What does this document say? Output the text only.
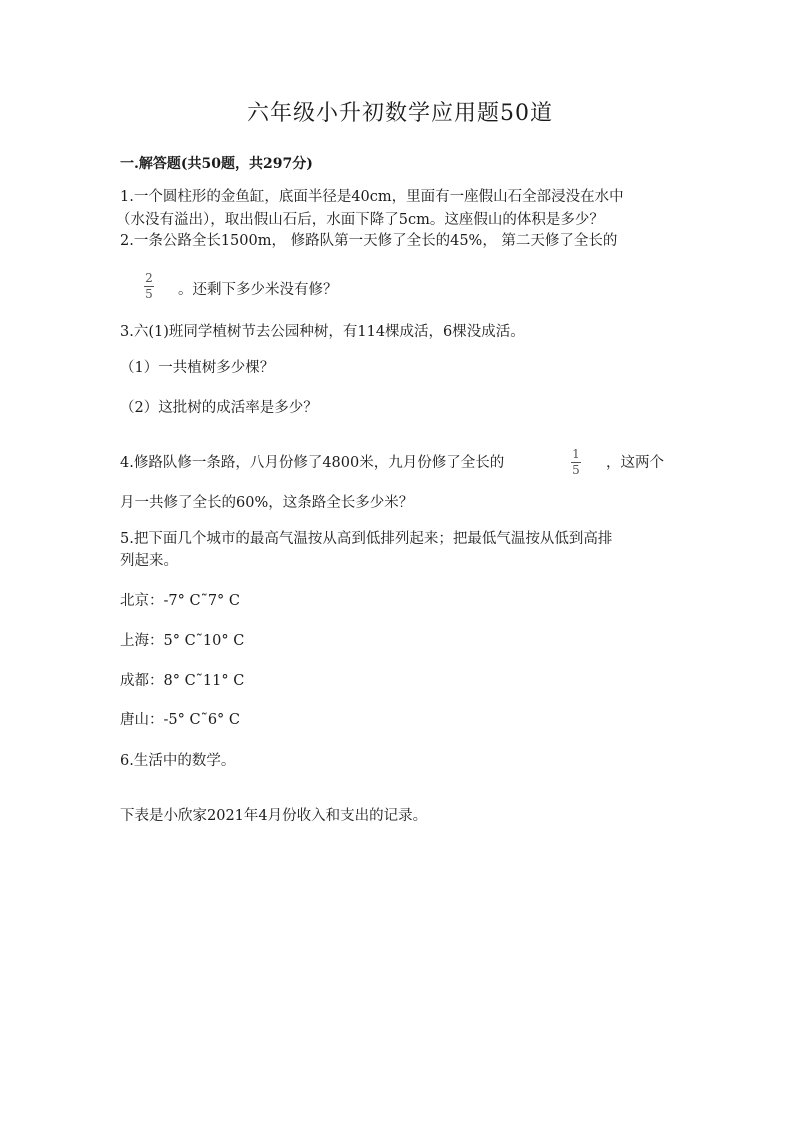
六年级小升初数学应用题50道
一.解答题(共50题，共297分)
1.一个圆柱形的金鱼缸，底面半径是40cm，里面有一座假山石全部浸没在水中
（水没有溢出），取出假山石后，水面下降了5cm。这座假山的体积是多少？
2.一条公路全长1500m， 修路队第一天修了全长的45%， 第二天修了全长的
2
5 。还剩下多少米没有修？
3.六(1)班同学植树节去公园种树，有114棵成活，6棵没成活。
（1）一共植树多少棵？
（2）这批树的成活率是多少？
4.修路队修一条路，八月份修了4800米，九月份修了全长的
1
5 ，这两个
月一共修了全长的60%，这条路全长多少米？
5.把下面几个城市的最高气温按从高到低排列起来；把最低气温按从低到高排
列起来。
北京：-7° C˜7° C
上海：5° C˜10° C
成都：8° C˜11° C
唐山：-5° C˜6° C
6.生活中的数学。
下表是小欣家2021年4月份收入和支出的记录。
